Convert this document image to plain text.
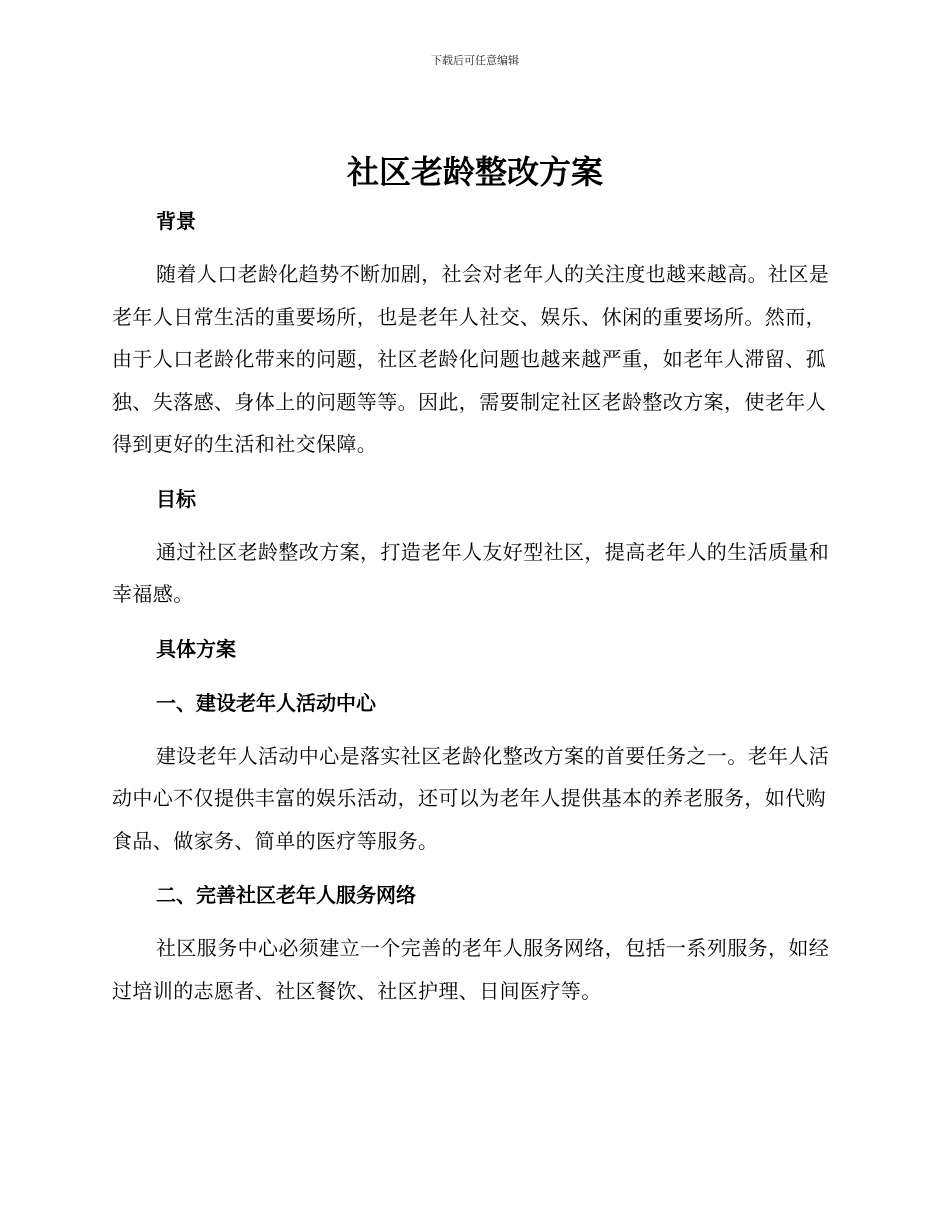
下载后可任意编辑
社区老龄整改方案

背景

随着人口老龄化趋势不断加剧，社会对老年人的关注度也越来越高。社区是老年人日常生活的重要场所，也是老年人社交、娱乐、休闲的重要场所。然而，由于人口老龄化带来的问题，社区老龄化问题也越来越严重，如老年人滞留、孤独、失落感、身体上的问题等等。因此，需要制定社区老龄整改方案，使老年人得到更好的生活和社交保障。

目标

通过社区老龄整改方案，打造老年人友好型社区，提高老年人的生活质量和幸福感。

具体方案

一、建设老年人活动中心

建设老年人活动中心是落实社区老龄化整改方案的首要任务之一。老年人活动中心不仅提供丰富的娱乐活动，还可以为老年人提供基本的养老服务，如代购食品、做家务、简单的医疗等服务。

二、完善社区老年人服务网络

社区服务中心必须建立一个完善的老年人服务网络，包括一系列服务，如经过培训的志愿者、社区餐饮、社区护理、日间医疗等。
